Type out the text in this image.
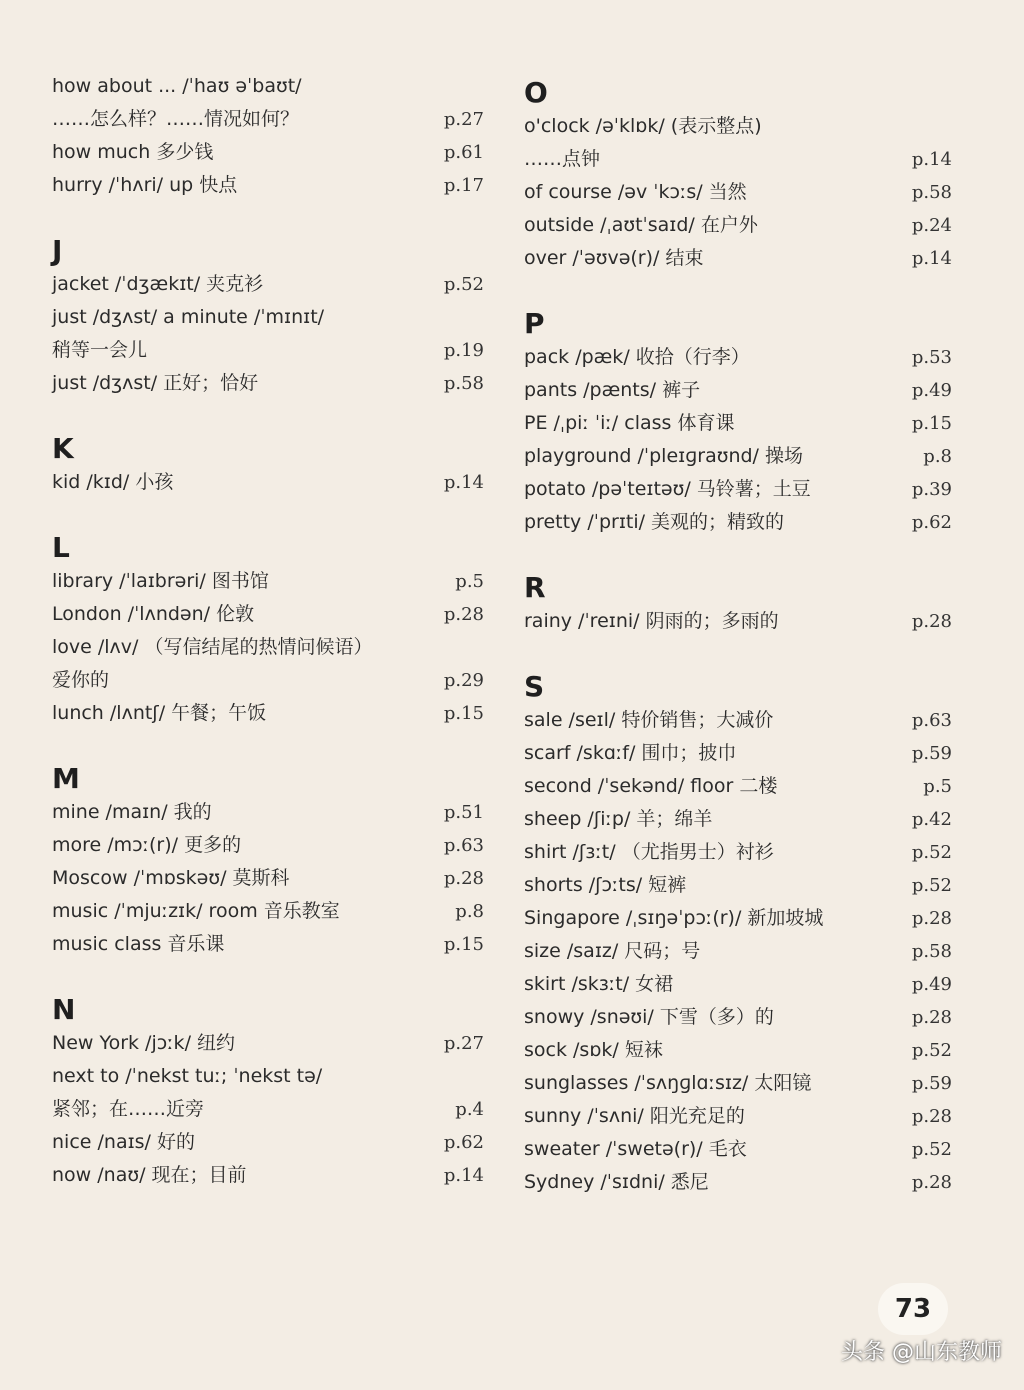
how about ... /ˈhaʊ əˈbaʊt/
……怎么样？……情况如何？	p.27
how much 多少钱	p.61
hurry /ˈhʌri/ up 快点	p.17
J
jacket /ˈdʒækɪt/ 夹克衫	p.52
just /dʒʌst/ a minute /ˈmɪnɪt/
稍等一会儿	p.19
just /dʒʌst/ 正好；恰好	p.58
K
kid /kɪd/ 小孩	p.14
L
library /ˈlaɪbrəri/ 图书馆	p.5
London /ˈlʌndən/ 伦敦	p.28
love /lʌv/ （写信结尾的热情问候语）
爱你的	p.29
lunch /lʌntʃ/ 午餐；午饭	p.15
M
mine /maɪn/ 我的	p.51
more /mɔː(r)/ 更多的	p.63
Moscow /ˈmɒskəʊ/ 莫斯科	p.28
music /ˈmjuːzɪk/ room 音乐教室	p.8
music class 音乐课	p.15
N
New York /jɔːk/ 纽约	p.27
next to /ˈnekst tuː; ˈnekst tə/
紧邻；在……近旁	p.4
nice /naɪs/ 好的	p.62
now /naʊ/ 现在；目前	p.14
O
o'clock /əˈklɒk/ (表示整点)
……点钟	p.14
of course /əv ˈkɔːs/ 当然	p.58
outside /ˌaʊtˈsaɪd/ 在户外	p.24
over /ˈəʊvə(r)/ 结束	p.14
P
pack /pæk/ 收拾（行李）	p.53
pants /pænts/ 裤子	p.49
PE /ˌpiː ˈiː/ class 体育课	p.15
playground /ˈpleɪɡraʊnd/ 操场	p.8
potato /pəˈteɪtəʊ/ 马铃薯；土豆	p.39
pretty /ˈprɪti/ 美观的；精致的	p.62
R
rainy /ˈreɪni/ 阴雨的；多雨的	p.28
S
sale /seɪl/ 特价销售；大减价	p.63
scarf /skɑːf/ 围巾；披巾	p.59
second /ˈsekənd/ floor 二楼	p.5
sheep /ʃiːp/ 羊；绵羊	p.42
shirt /ʃɜːt/ （尤指男士）衬衫	p.52
shorts /ʃɔːts/ 短裤	p.52
Singapore /ˌsɪŋəˈpɔː(r)/ 新加坡城	p.28
size /saɪz/ 尺码；号	p.58
skirt /skɜːt/ 女裙	p.49
snowy /snəʊi/ 下雪（多）的	p.28
sock /sɒk/ 短袜	p.52
sunglasses /ˈsʌŋɡlɑːsɪz/ 太阳镜	p.59
sunny /ˈsʌni/ 阳光充足的	p.28
sweater /ˈswetə(r)/ 毛衣	p.52
Sydney /ˈsɪdni/ 悉尼	p.28
73
头条 @山东教师
